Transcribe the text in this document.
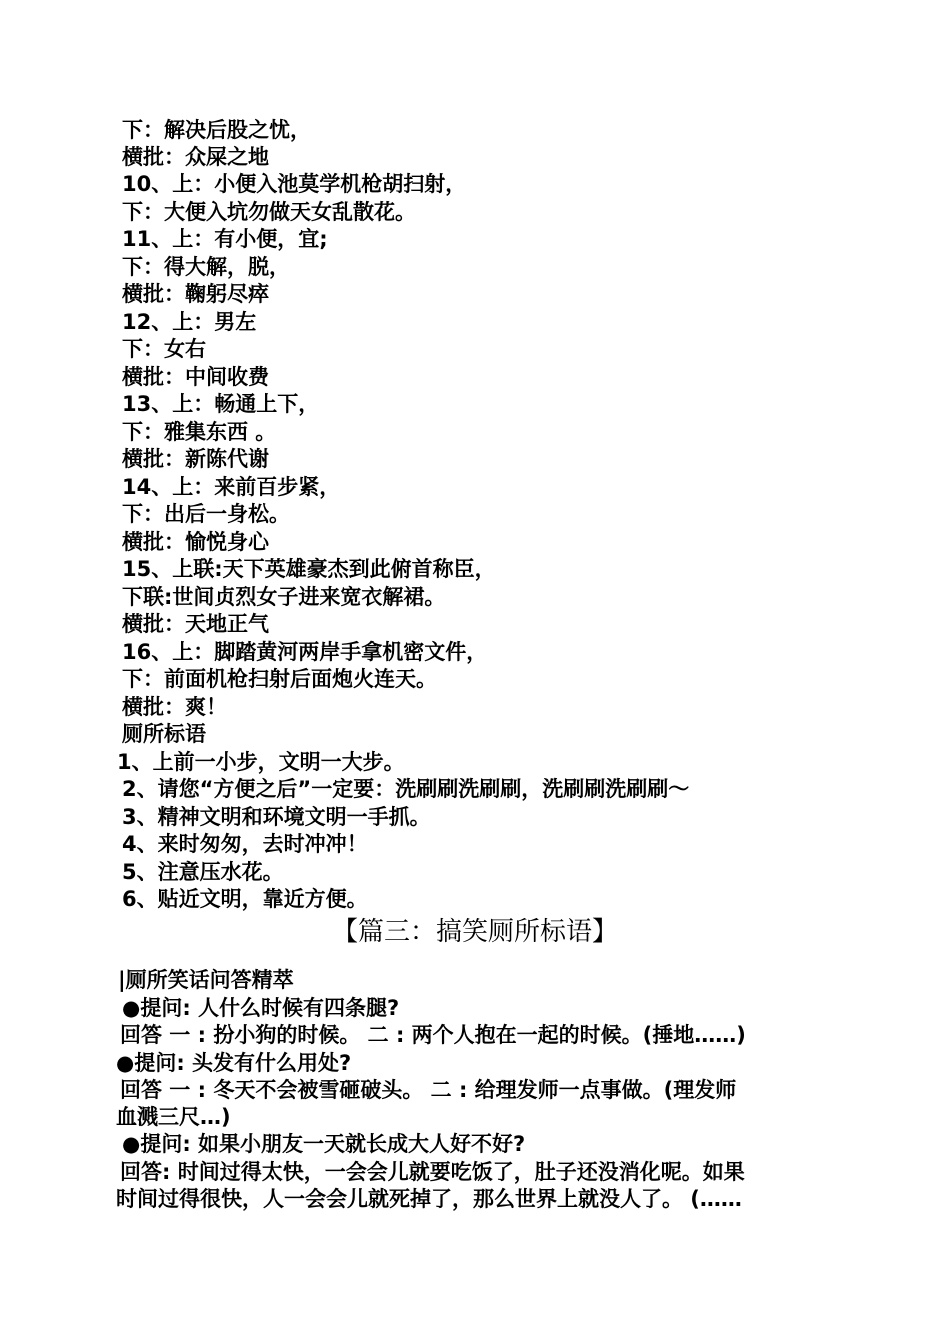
下：解决后股之忧，
横批：众屎之地
10、上：小便入池莫学机枪胡扫射，
下：大便入坑勿做天女乱散花。
11、上：有小便，宜;
下：得大解，脱，
横批：鞠躬尽瘁
12、上：男左
下：女右
横批：中间收费
13、上：畅通上下，
下：雅集东西 。
横批：新陈代谢
14、上：来前百步紧，
下：出后一身松。
横批：愉悦身心
15、上联:天下英雄豪杰到此俯首称臣，
下联:世间贞烈女子进来宽衣解裙。
横批：天地正气
16、上：脚踏黄河两岸手拿机密文件，
下：前面机枪扫射后面炮火连天。
横批：爽！
厕所标语
1、上前一小步，文明一大步。
2、请您“方便之后”一定要：洗刷刷洗刷刷，洗刷刷洗刷刷～
3、精神文明和环境文明一手抓。
4、来时匆匆，去时冲冲！
5、注意压水花。
6、贴近文明，靠近方便。
【篇三：搞笑厕所标语】
|厕所笑话问答精萃
●提问: 人什么时候有四条腿?
回答 一 : 扮小狗的时候。 二 : 两个人抱在一起的时候。(捶地……)
●提问: 头发有什么用处?
回答 一 : 冬天不会被雪砸破头。 二 : 给理发师一点事做。(理发师
血溅三尺…)
●提问: 如果小朋友一天就长成大人好不好?
回答: 时间过得太快，一会会儿就要吃饭了，肚子还没消化呢。如果
时间过得很快，人一会会儿就死掉了，那么世界上就没人了。 (……
